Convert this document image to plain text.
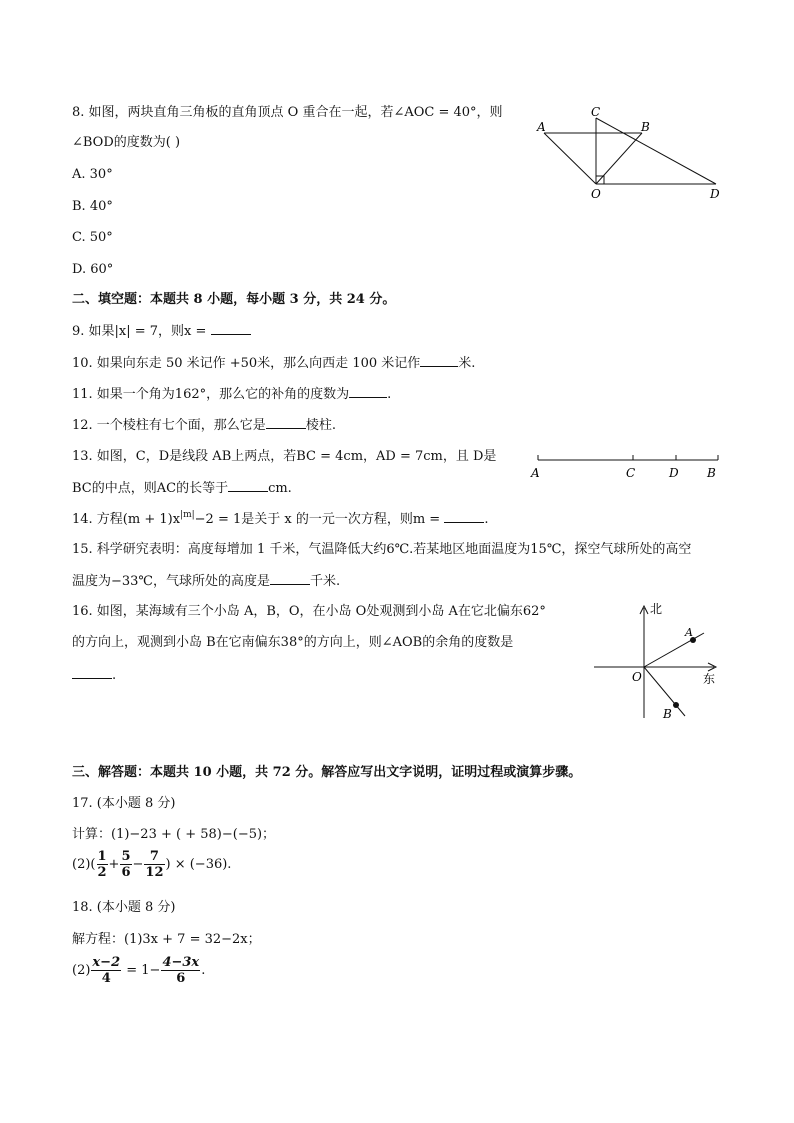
8. 如图，两块直角三角板的直角顶点 O 重合在一起，若∠AOC = 40°，则
∠BOD的度数为( )
A. 30°
B. 40°
C. 50°
D. 60°
A
C
B
O	D
二、填空题：本题共 8 小题，每小题 3 分，共 24 分。
9. 如果|x| = 7，则x =
10. 如果向东走 50 米记作 +50米，那么向西走 100 米记作	米.
11. 如果一个角为162°，那么它的补角的度数为	.
12. 一个棱柱有七个面，那么它是	棱柱.
13. 如图，C，D是线段 AB上两点，若BC = 4cm，AD = 7cm，且 D是
BC的中点，则AC的长等于	cm.
A	C	D B
14. 方程$(m + 1)x^{|m|}-2 = 1$是关于 x 的一元一次方程，则m =	.
15. 科学研究表明：高度每增加 1 千米，气温降低大约6℃.若某地区地面温度为15℃，探空气球所处的高空
温度为−33℃，气球所处的高度是	千米.
16. 如图，某海域有三个小岛 A，B，O，在小岛 O处观测到小岛 A在它北偏东62°
的方向上，观测到小岛 B在它南偏东38°的方向上，则∠AOB的余角的度数是
.
北
东
O
A
B
三、解答题：本题共 10 小题，共 72 分。解答应写出文字说明，证明过程或演算步骤。
17. (本小题 8 分)
计算：(1)−23 + ( + 58)−(−5)；
$(2)( \frac{1}{2} + \frac{5}{6} - \frac{7}{12}$ ) × (−36).
18. (本小题 8 分)
解方程：(1)3x + 7 = 32−2x；
$(2) \frac{x-2}{4} = 1- \frac{4-3x}{6}$ .
